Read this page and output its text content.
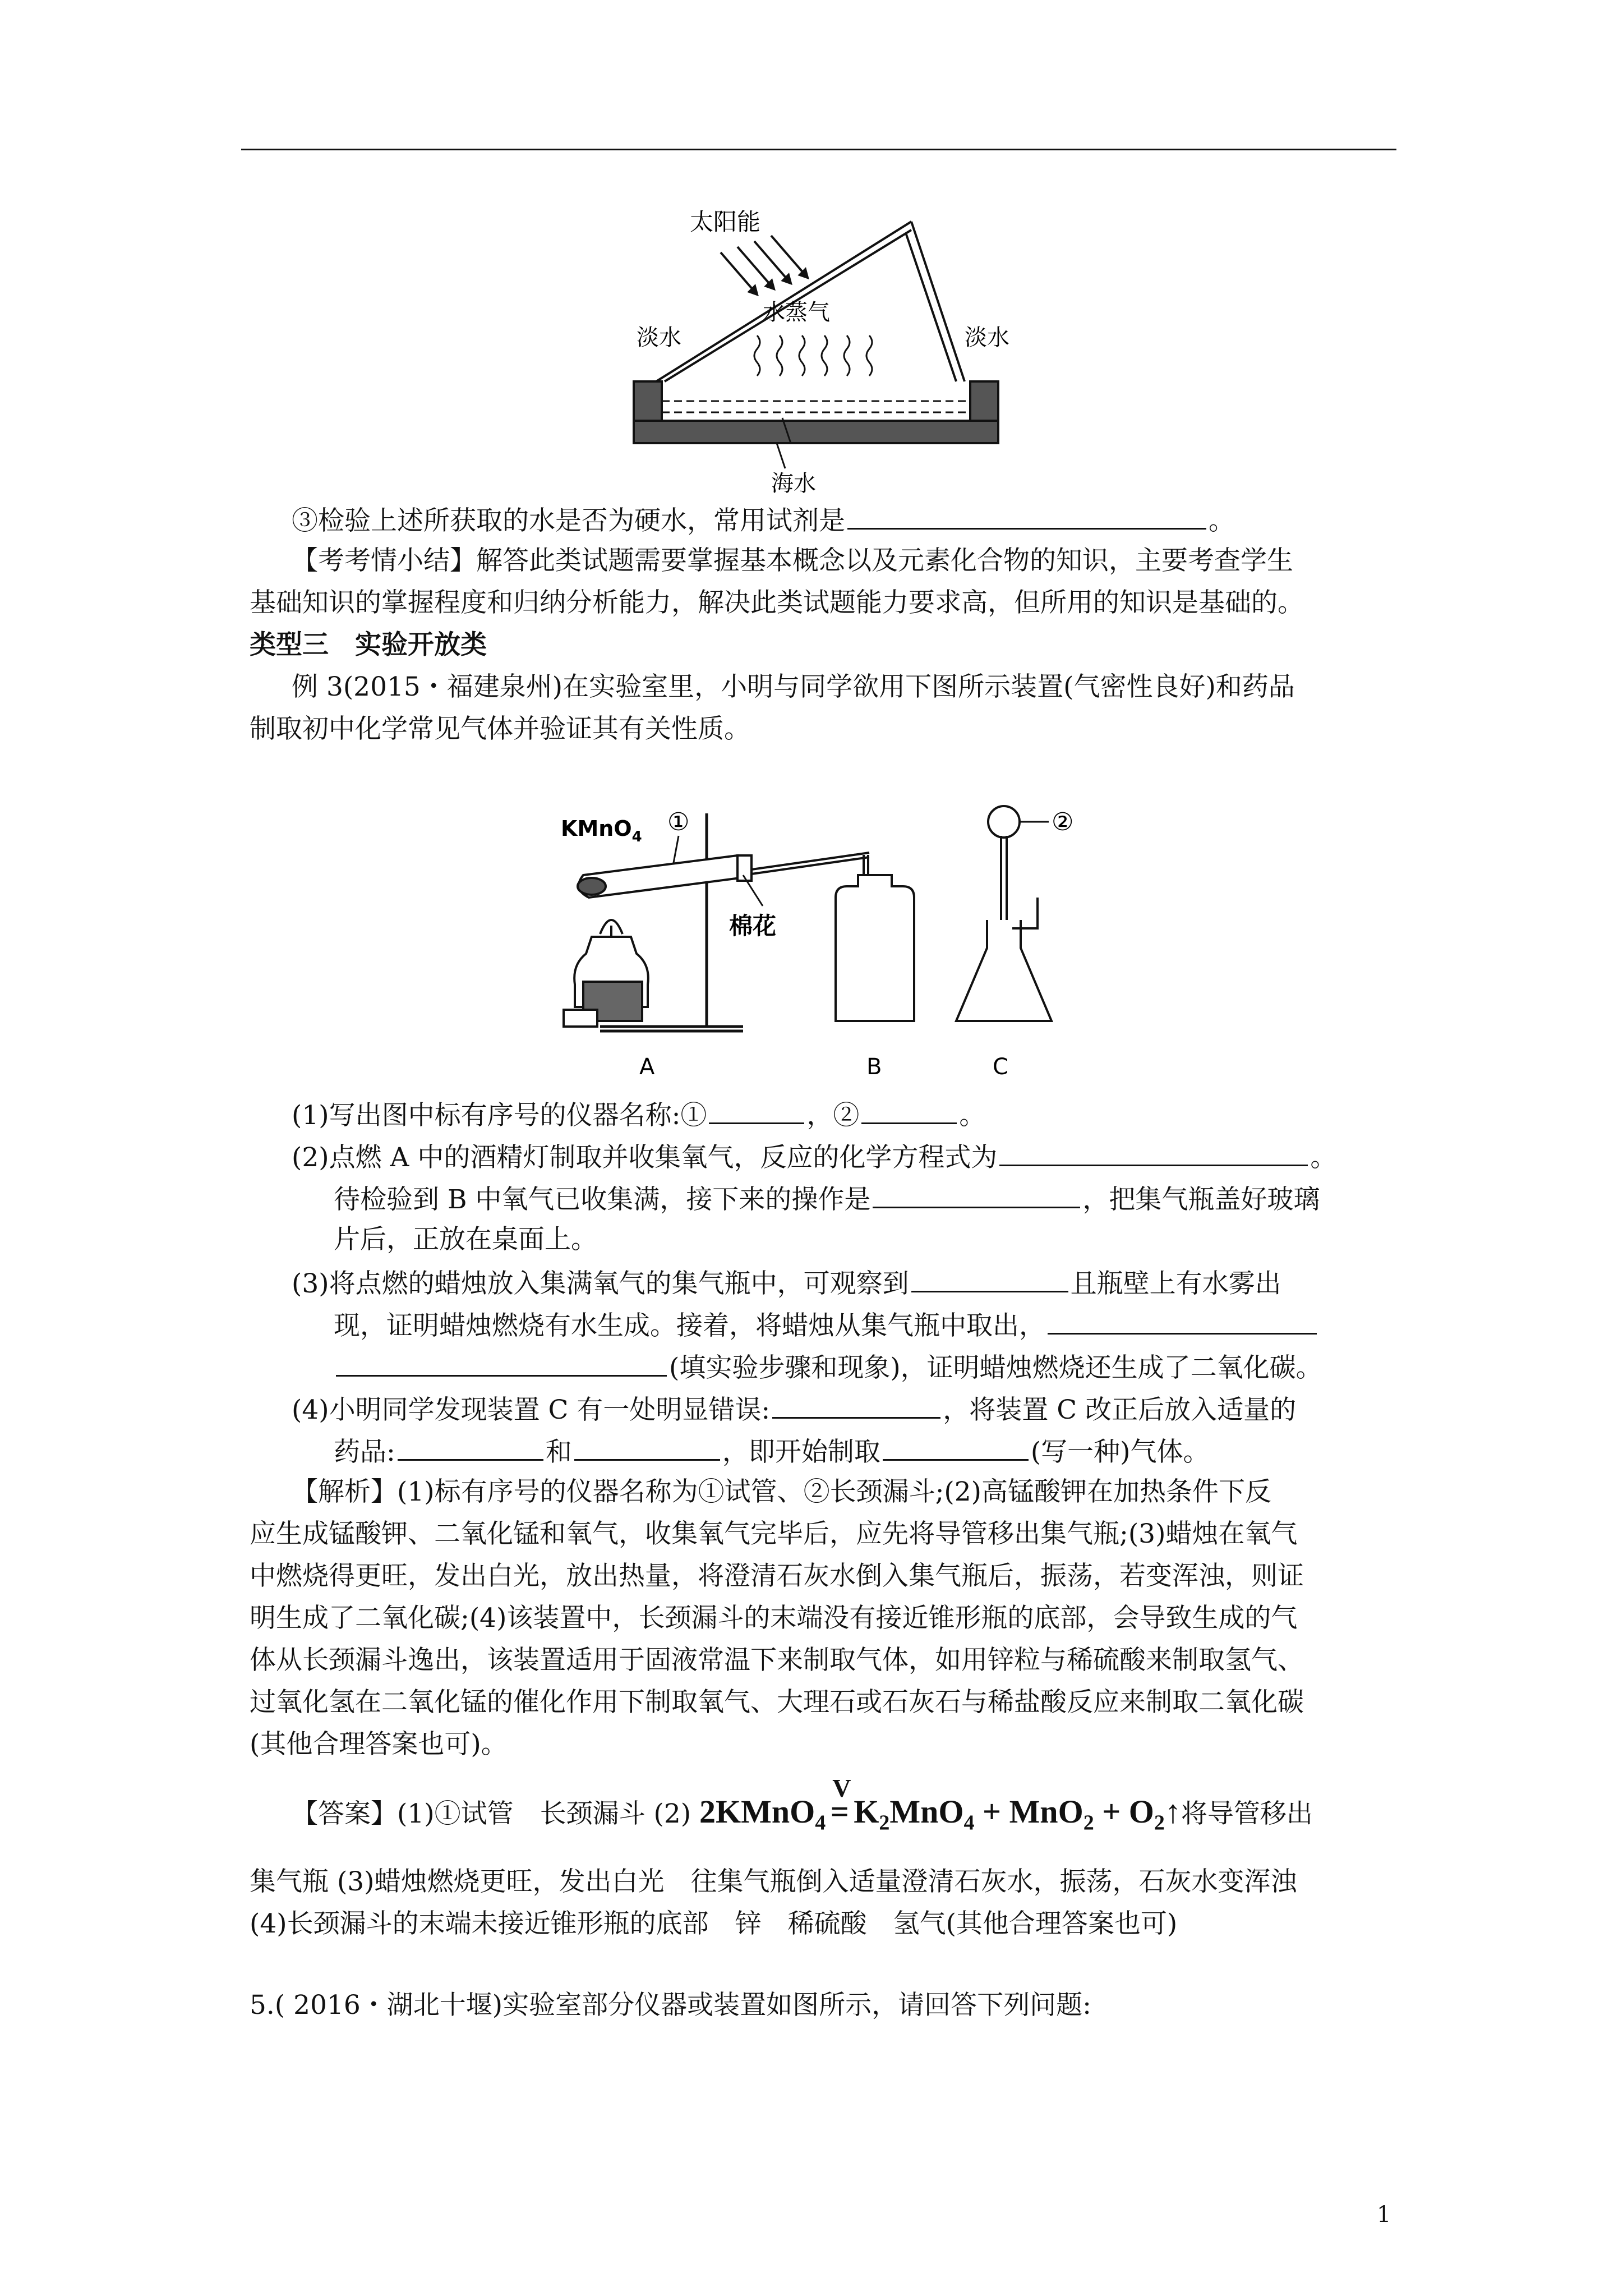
太阳能
淡水
水蒸气
淡水
海水
③检验上述所获取的水是否为硬水，常用试剂是	。
【考考情小结】解答此类试题需要掌握基本概念以及元素化合物的知识，主要考查学生
基础知识的掌握程度和归纳分析能力，解决此类试题能力要求高，但所用的知识是基础的。
类型三　实验开放类
例 3(2015・福建泉州)在实验室里，小明与同学欲用下图所示装置(气密性良好)和药品
制取初中化学常见气体并验证其有关性质。
KMnO$_4$
①
棉花
②
A	B	C
(1)写出图中标有序号的仪器名称:①	，②	。
(2)点燃 A 中的酒精灯制取并收集氧气，反应的化学方程式为	。
待检验到 B 中氧气已收集满，接下来的操作是	，把集气瓶盖好玻璃
片后，正放在桌面上。
(3)将点燃的蜡烛放入集满氧气的集气瓶中，可观察到	且瓶壁上有水雾出
现，证明蜡烛燃烧有水生成。接着，将蜡烛从集气瓶中取出，
(填实验步骤和现象)，证明蜡烛燃烧还生成了二氧化碳。
(4)小明同学发现装置 C 有一处明显错误:	，将装置 C 改正后放入适量的
药品:	和	，即开始制取	(写一种)气体。
【解析】(1)标有序号的仪器名称为①试管、②长颈漏斗;(2)高锰酸钾在加热条件下反
应生成锰酸钾、二氧化锰和氧气，收集氧气完毕后，应先将导管移出集气瓶;(3)蜡烛在氧气
中燃烧得更旺，发出白光，放出热量，将澄清石灰水倒入集气瓶后，振荡，若变浑浊，则证
明生成了二氧化碳;(4)该装置中，长颈漏斗的末端没有接近锥形瓶的底部，会导致生成的气
体从长颈漏斗逸出，该装置适用于固液常温下来制取气体，如用锌粒与稀硫酸来制取氢气、
过氧化氢在二氧化锰的催化作用下制取氧气、大理石或石灰石与稀盐酸反应来制取二氧化碳
(其他合理答案也可)。
【答案】(1)①试管　长颈漏斗 (2) 2KMnO$_4$
V
= $K_2MnO_4 + MnO_2$ + $O_2↑$将导管移出
集气瓶 (3)蜡烛燃烧更旺，发出白光　往集气瓶倒入适量澄清石灰水，振荡，石灰水变浑浊
(4)长颈漏斗的末端未接近锥形瓶的底部　锌　稀硫酸　氢气(其他合理答案也可)
5.( 2016・湖北十堰)实验室部分仪器或装置如图所示，请回答下列问题:
1
